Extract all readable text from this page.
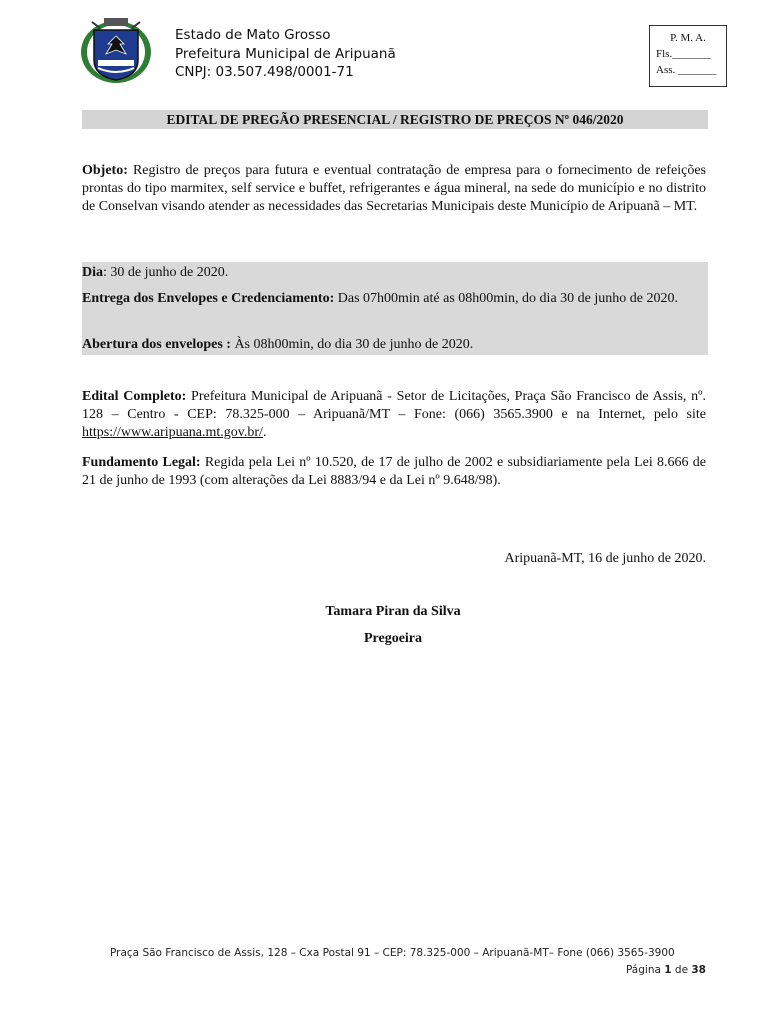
Estado de Mato Grosso
Prefeitura Municipal de Aripuanã
CNPJ: 03.507.498/0001-71
P. M. A.
Fls._______
Ass. _______
EDITAL DE PREGÃO PRESENCIAL / REGISTRO DE PREÇOS Nº 046/2020
Objeto: Registro de preços para futura e eventual contratação de empresa para o fornecimento de refeições prontas do tipo marmitex, self service e buffet, refrigerantes e água mineral, na sede do município e no distrito de Conselvan visando atender as necessidades das Secretarias Municipais deste Município de Aripuanã – MT.
Dia: 30 de junho de 2020.
Entrega dos Envelopes e Credenciamento: Das 07h00min até as 08h00min, do dia 30 de junho de 2020.
Abertura dos envelopes : Às 08h00min, do dia 30 de junho de 2020.
Edital Completo: Prefeitura Municipal de Aripuanã - Setor de Licitações, Praça São Francisco de Assis, nº. 128 – Centro - CEP: 78.325-000 – Aripuanã/MT – Fone: (066) 3565.3900 e na Internet, pelo site https://www.aripuana.mt.gov.br/.
Fundamento Legal: Regida pela Lei nº 10.520, de 17 de julho de 2002 e subsidiariamente pela Lei 8.666 de 21 de junho de 1993 (com alterações da Lei 8883/94 e da Lei nº 9.648/98).
Aripuanã-MT, 16 de junho de 2020.
Tamara Piran da Silva
Pregoeira
Praça São Francisco de Assis, 128 – Cxa Postal 91 – CEP: 78.325-000 – Aripuanã-MT– Fone (066) 3565-3900
Página 1 de 38
